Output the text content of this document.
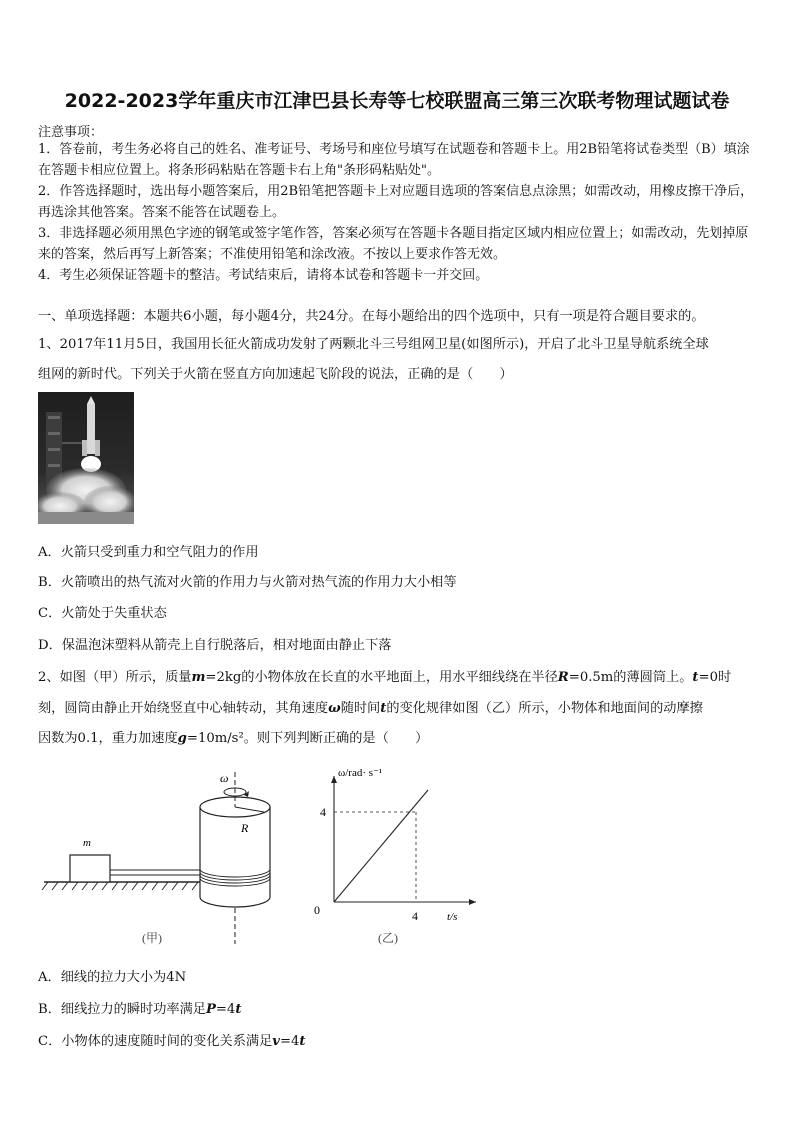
2022-2023学年重庆市江津巴县长寿等七校联盟高三第三次联考物理试题试卷
注意事项：
1．答卷前，考生务必将自己的姓名、准考证号、考场号和座位号填写在试题卷和答题卡上。用2B铅笔将试卷类型（B）填涂在答题卡相应位置上。将条形码粘贴在答题卡右上角"条形码粘贴处"。
2．作答选择题时，选出每小题答案后，用2B铅笔把答题卡上对应题目选项的答案信息点涂黑；如需改动，用橡皮擦干净后，再选涂其他答案。答案不能答在试题卷上。
3．非选择题必须用黑色字迹的钢笔或签字笔作答，答案必须写在答题卡各题目指定区域内相应位置上；如需改动，先划掉原来的答案，然后再写上新答案；不准使用铅笔和涂改液。不按以上要求作答无效。
4．考生必须保证答题卡的整洁。考试结束后，请将本试卷和答题卡一并交回。
一、单项选择题：本题共6小题，每小题4分，共24分。在每小题给出的四个选项中，只有一项是符合题目要求的。
1、2017年11月5日，我国用长征火箭成功发射了两颗北斗三号组网卫星(如图所示)，开启了北斗卫星导航系统全球
组网的新时代。下列关于火箭在竖直方向加速起飞阶段的说法，正确的是（　　）
A．火箭只受到重力和空气阻力的作用
B．火箭喷出的热气流对火箭的作用力与火箭对热气流的作用力大小相等
C．火箭处于失重状态
D．保温泡沫塑料从箭壳上自行脱落后，相对地面由静止下落
2、如图（甲）所示，质量m=2kg的小物体放在长直的水平地面上，用水平细线绕在半径R=0.5m的薄圆筒上。t=0时
刻，圆筒由静止开始绕竖直中心轴转动，其角速度ω随时间t的变化规律如图（乙）所示，小物体和地面间的动摩擦
因数为0.1，重力加速度g=10m/s²。则下列判断正确的是（　　）
m
R
ω
(甲)
ω/rad· s⁻¹
t/s
0
4
4
(乙)
A．细线的拉力大小为4N
B．细线拉力的瞬时功率满足P=4t
C．小物体的速度随时间的变化关系满足v=4t
